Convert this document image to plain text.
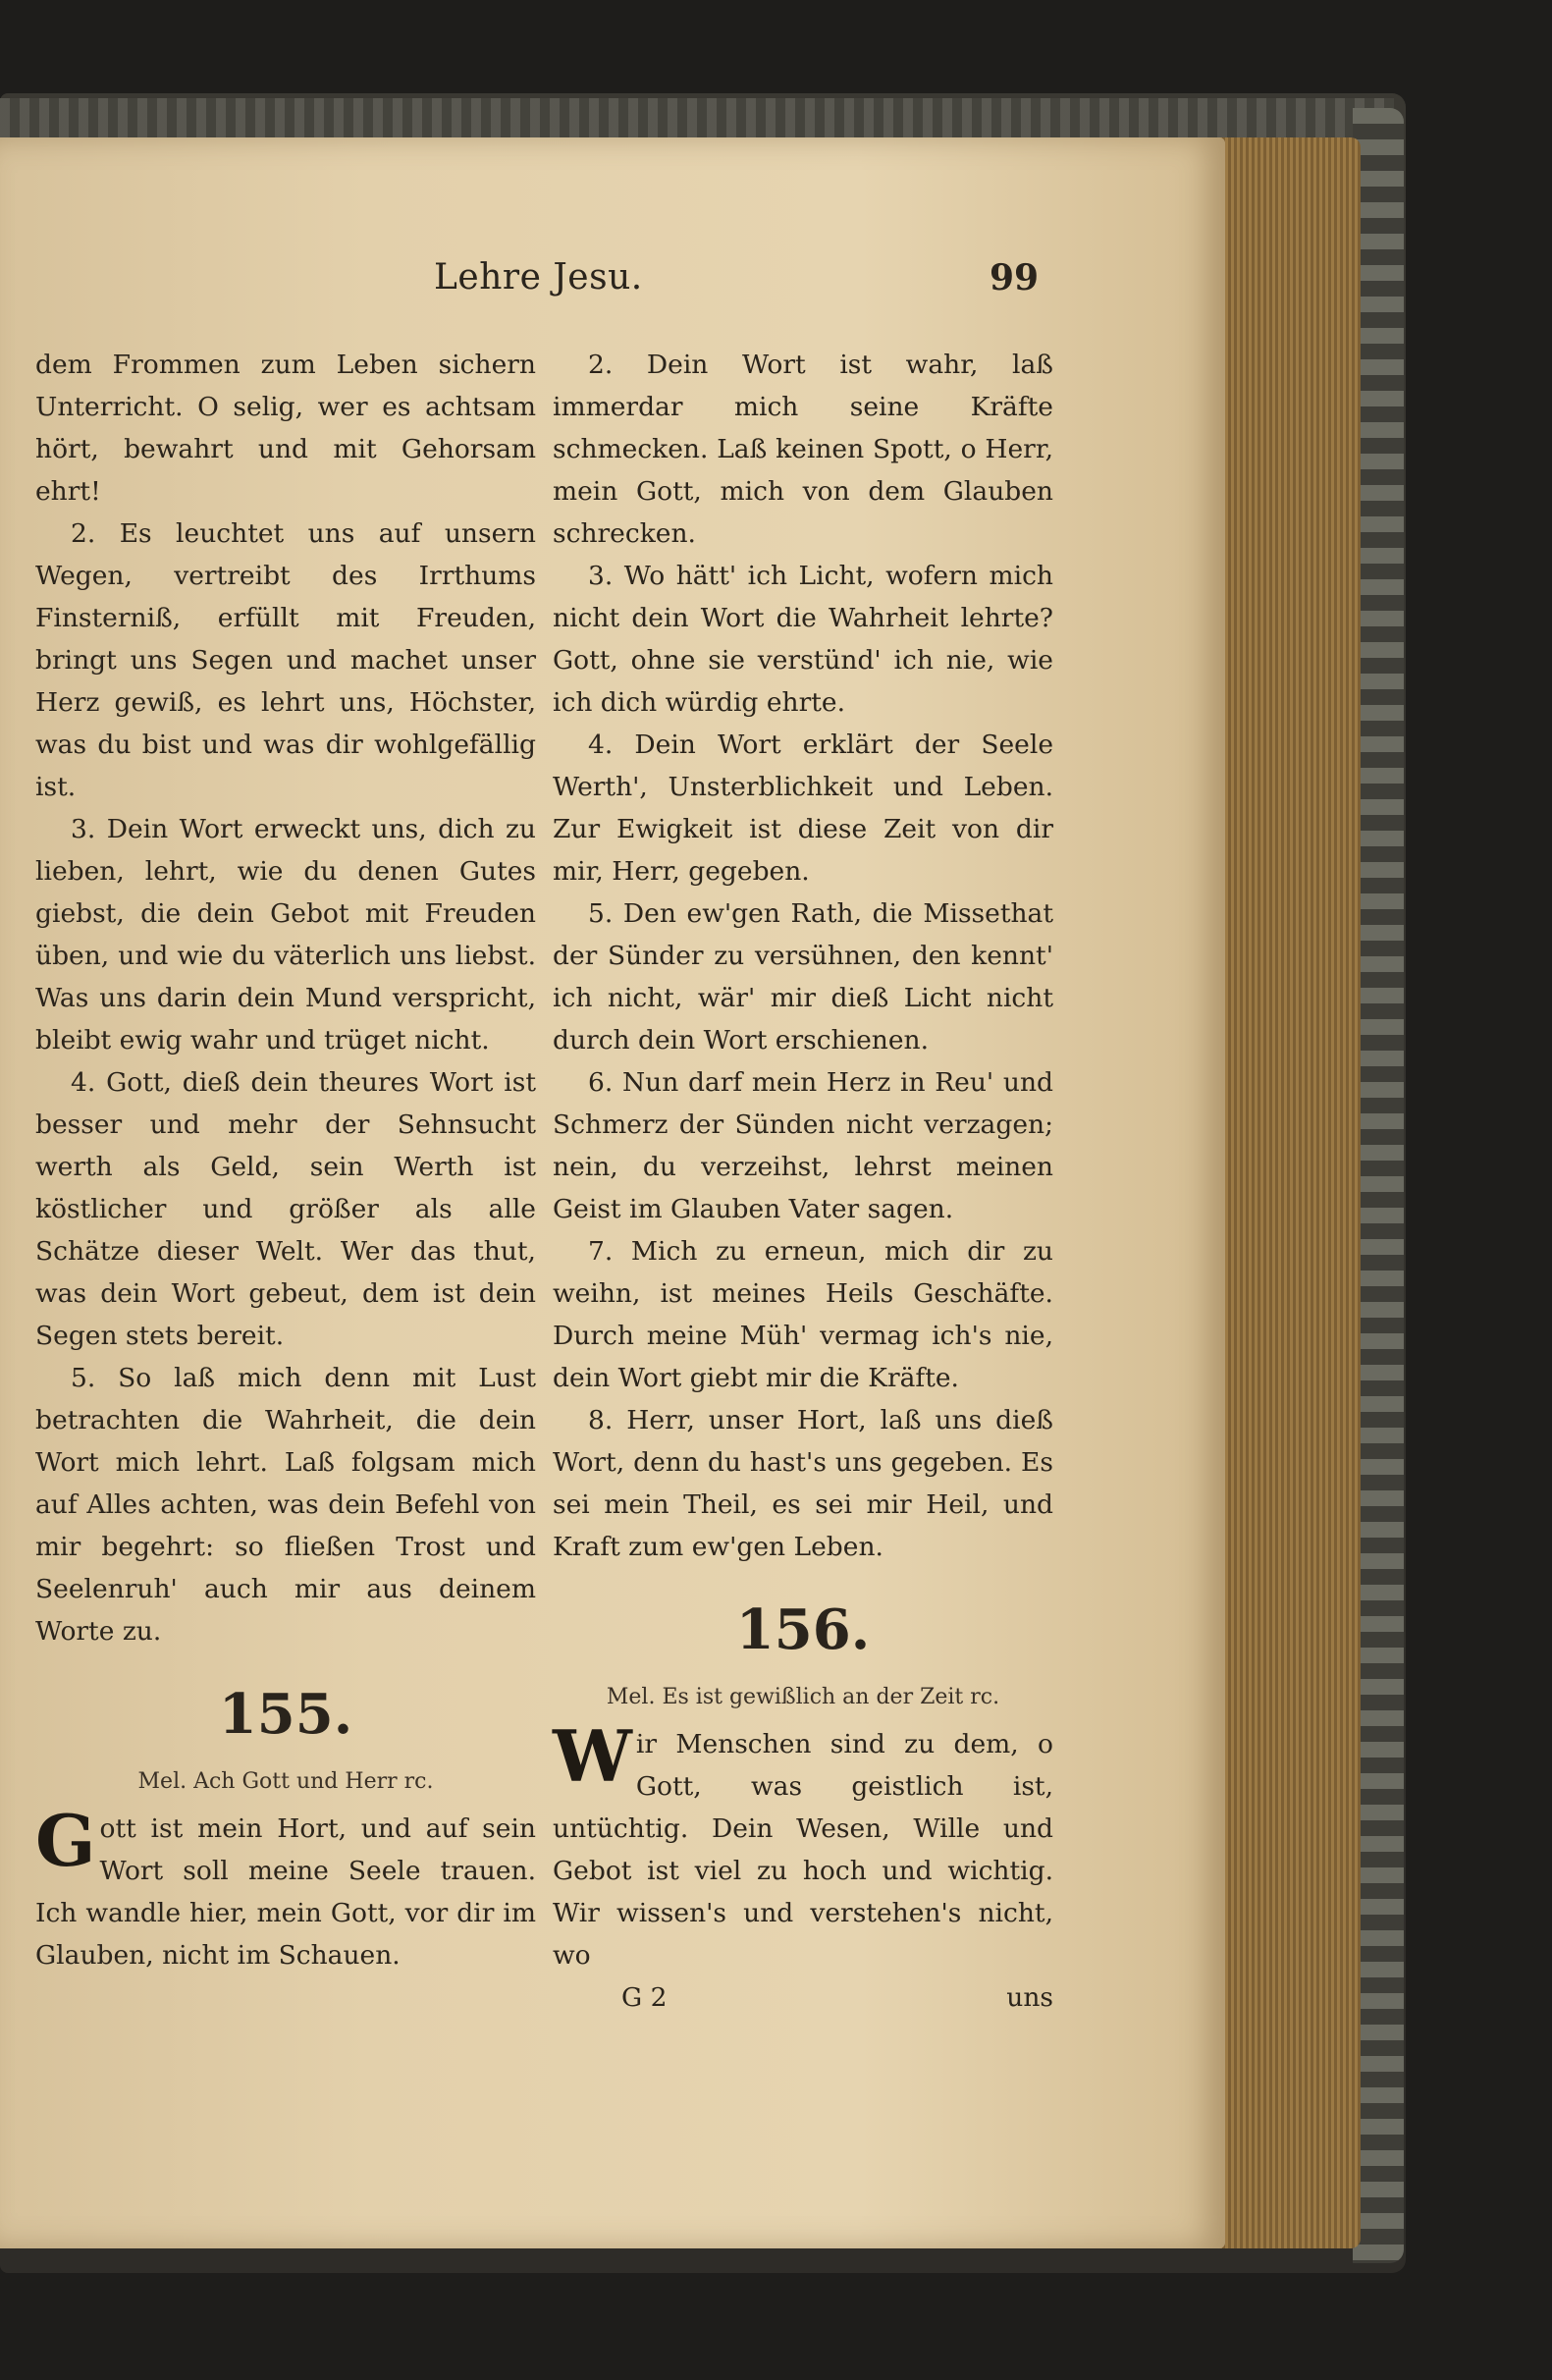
Lehre Jesu.	99

dem Frommen zum Leben sichern Unterricht. O selig, wer es achtsam hört, bewahrt und mit Gehorsam ehrt!

2. Es leuchtet uns auf unsern Wegen, vertreibt des Irrthums Finsterniß, erfüllt mit Freuden, bringt uns Segen und machet unser Herz gewiß, es lehrt uns, Höchster, was du bist und was dir wohlgefällig ist.

3. Dein Wort erweckt uns, dich zu lieben, lehrt, wie du denen Gutes giebst, die dein Gebot mit Freuden üben, und wie du väterlich uns liebst. Was uns darin dein Mund verspricht, bleibt ewig wahr und trüget nicht.

4. Gott, dieß dein theures Wort ist besser und mehr der Sehnsucht werth als Geld, sein Werth ist köstlicher und größer als alle Schätze dieser Welt. Wer das thut, was dein Wort gebeut, dem ist dein Segen stets bereit.

5. So laß mich denn mit Lust betrachten die Wahrheit, die dein Wort mich lehrt. Laß folgsam mich auf Alles achten, was dein Befehl von mir begehrt: so fließen Trost und Seelenruh' auch mir aus deinem Worte zu.

155.
Mel. Ach Gott und Herr rc.

Gott ist mein Hort, und auf sein Wort soll meine Seele trauen. Ich wandle hier, mein Gott, vor dir im Glauben, nicht im Schauen.

2. Dein Wort ist wahr, laß immerdar mich seine Kräfte schmecken. Laß keinen Spott, o Herr, mein Gott, mich von dem Glauben schrecken.

3. Wo hätt' ich Licht, wofern mich nicht dein Wort die Wahrheit lehrte? Gott, ohne sie verstünd' ich nie, wie ich dich würdig ehrte.

4. Dein Wort erklärt der Seele Werth', Unsterblichkeit und Leben. Zur Ewigkeit ist diese Zeit von dir mir, Herr, gegeben.

5. Den ew'gen Rath, die Missethat der Sünder zu versühnen, den kennt' ich nicht, wär' mir dieß Licht nicht durch dein Wort erschienen.

6. Nun darf mein Herz in Reu' und Schmerz der Sünden nicht verzagen; nein, du verzeihst, lehrst meinen Geist im Glauben Vater sagen.

7. Mich zu erneun, mich dir zu weihn, ist meines Heils Geschäfte. Durch meine Müh' vermag ich's nie, dein Wort giebt mir die Kräfte.

8. Herr, unser Hort, laß uns dieß Wort, denn du hast's uns gegeben. Es sei mein Theil, es sei mir Heil, und Kraft zum ew'gen Leben.

156.
Mel. Es ist gewißlich an der Zeit rc.

Wir Menschen sind zu dem, o Gott, was geistlich ist, untüchtig. Dein Wesen, Wille und Gebot ist viel zu hoch und wichtig. Wir wissen's und verstehen's nicht, wo

G 2	uns
